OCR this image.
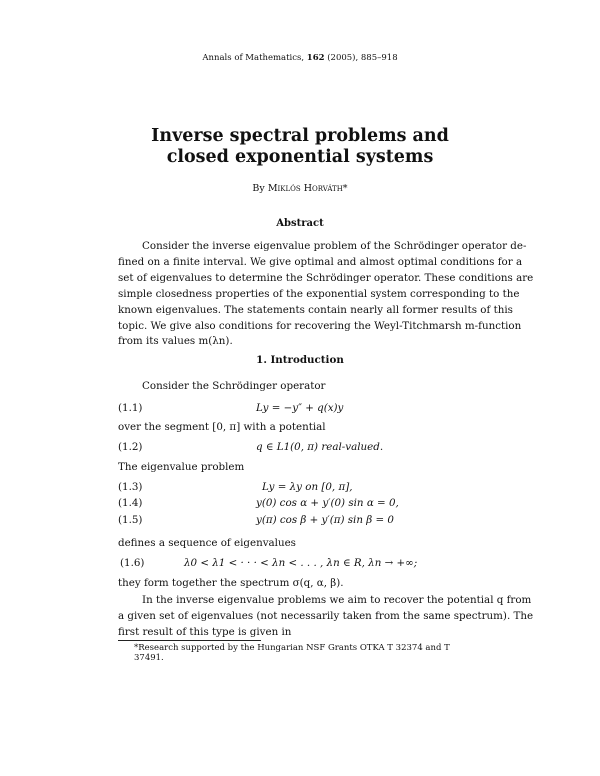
Annals of Mathematics, 162 (2005), 885–918
Inverse spectral problems and
closed exponential systems
By Miklós Horváth*
Abstract
Consider the inverse eigenvalue problem of the Schrödinger operator de-
fined on a finite interval. We give optimal and almost optimal conditions for a
set of eigenvalues to determine the Schrödinger operator. These conditions are
simple closedness properties of the exponential system corresponding to the
known eigenvalues. The statements contain nearly all former results of this
topic. We give also conditions for recovering the Weyl-Titchmarsh m-function
from its values m(λn).
1. Introduction
Consider the Schrödinger operator
(1.1)	Ly = −y″ + q(x)y
over the segment [0, π] with a potential
(1.2)	q ∈ L1(0, π) real-valued.
The eigenvalue problem
(1.3)	Ly = λy on [0, π],
(1.4)	y(0) cos α + y′(0) sin α = 0,
(1.5)	y(π) cos β + y′(π) sin β = 0
defines a sequence of eigenvalues
(1.6)	λ0 < λ1 < · · · < λn < . . . , λn ∈ R, λn → +∞;
they form together the spectrum σ(q, α, β).
In the inverse eigenvalue problems we aim to recover the potential q from
a given set of eigenvalues (not necessarily taken from the same spectrum). The
first result of this type is given in
*Research supported by the Hungarian NSF Grants OTKA T 32374 and T 37491.
